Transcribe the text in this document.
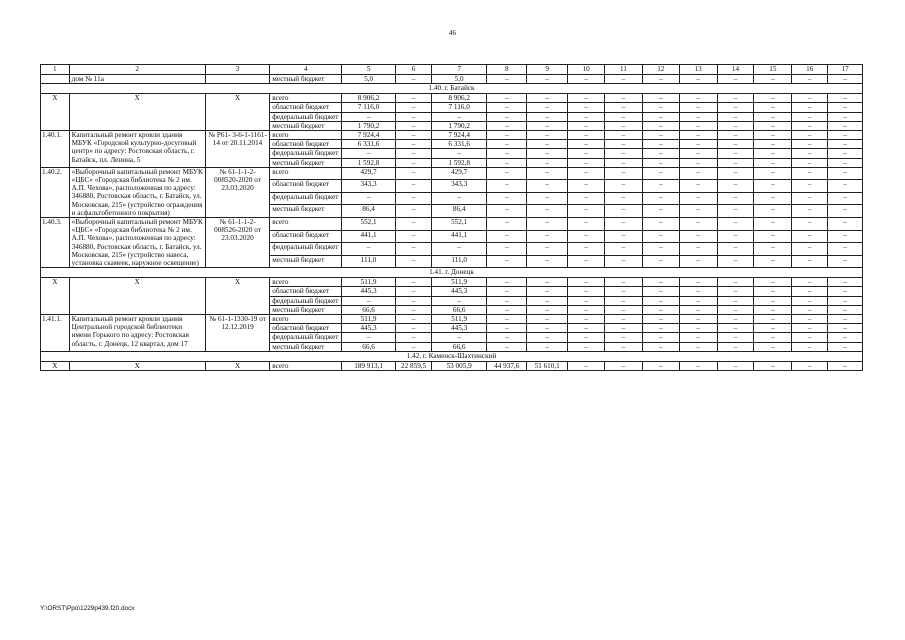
46
1	2	3	4	5	6	7	8	9	10	11	12	13	14	15	16	17
	дом № 11а		местный бюджет	5,0	–	5,0	–	–	–	–	–	–	–	–	–	–
1.40. г. Батайск																
Х	Х	Х	всего	8 906,2	–	8 906,2	–	–	–	–	–	–	–	–	–	–
			областной бюджет	7 116,0	–	7 116,0	–	–	–	–	–	–	–	–	–	–
			федеральный бюджет	–	–	–	–	–	–	–	–	–	–	–	–	–
			местный бюджет	1 790,2	–	1 790,2	–	–	–	–	–	–	–	–	–	–
1.40.1.	Капитальный ремонт кровли здания МБУК «Городской культурно-досуговый центр» по адресу: Ростовская область, г. Батайск, пл. Ленина, 5	№ Р61- 3-6-1-1161-14 от 20.11.2014	всего	7 924,4	–	7 924,4	–	–	–	–	–	–	–	–	–	–
			областной бюджет	6 331,6	–	6 331,6	–	–	–	–	–	–	–	–	–	–
			федеральный бюджет	–	–	–	–	–	–	–	–	–	–	–	–	–
			местный бюджет	1 592,8	–	1 592,8	–	–	–	–	–	–	–	–	–	–
1.40.2.	«Выборочный капитальный ремонт МБУК «ЦБС» «Городская библиотека № 2 им. А.П. Чехова», расположенная по адресу: 346880, Ростовская область, г. Батайск, ул. Московская, 215» (устройство ограждения и асфальтобетонного покрытия)	№ 61-1-1-2-008520-2020 от 23.03.2020	всего	429,7	–	429,7	–	–	–	–	–	–	–	–	–	–
			областной бюджет	343,3	–	343,3	–	–	–	–	–	–	–	–	–	–
			федеральный бюджет	–	–	–	–	–	–	–	–	–	–	–	–	–
			местный бюджет	86,4	–	86,4	–	–	–	–	–	–	–	–	–	–
1.40.3.	«Выборочный капитальный ремонт МБУК «ЦБС» «Городская библиотека № 2 им. А.П. Чехова», расположенная по адресу: 346880, Ростовская область, г. Батайск, ул. Московская, 215» (устройство навеса, установка скамеек, наружное освещение)	№ 61-1-1-2-008526-2020 от 23.03.2020	всего	552,1	–	552,1	–	–	–	–	–	–	–	–	–	–
			областной бюджет	441,1	–	441,1	–	–	–	–	–	–	–	–	–	–
			федеральный бюджет	–	–	–	–	–	–	–	–	–	–	–	–	–
			местный бюджет	111,0	–	111,0	–	–	–	–	–	–	–	–	–	–
1.41. г. Донецк																
Х	Х	Х	всего	511,9	–	511,9	–	–	–	–	–	–	–	–	–	–
			областной бюджет	445,3	–	445,3	–	–	–	–	–	–	–	–	–	–
			федеральный бюджет	–	–	–	–	–	–	–	–	–	–	–	–	–
			местный бюджет	66,6	–	66,6	–	–	–	–	–	–	–	–	–	–
1.41.1.	Капитальный ремонт кровли здания Центральной городской библиотеки имени Горького по адресу: Ростовская область, г. Донецк, 12 квартал, дом 17	№ 61-1-1330-19 от 12.12.2019	всего	511,9	–	511,9	–	–	–	–	–	–	–	–	–	–
			областной бюджет	445,3	–	445,3	–	–	–	–	–	–	–	–	–	–
			федеральный бюджет	–	–	–	–	–	–	–	–	–	–	–	–	–
			местный бюджет	66,6	–	66,6	–	–	–	–	–	–	–	–	–	–
1.42. г. Каменск-Шахтинский																
Х	Х	Х	всего	189 913,1	22 859,5	53 005,9	44 937,6	51 610,1	–	–	–	–	–	–	–	–
Y:\ORST\Ppo\1229p439.f20.docx
